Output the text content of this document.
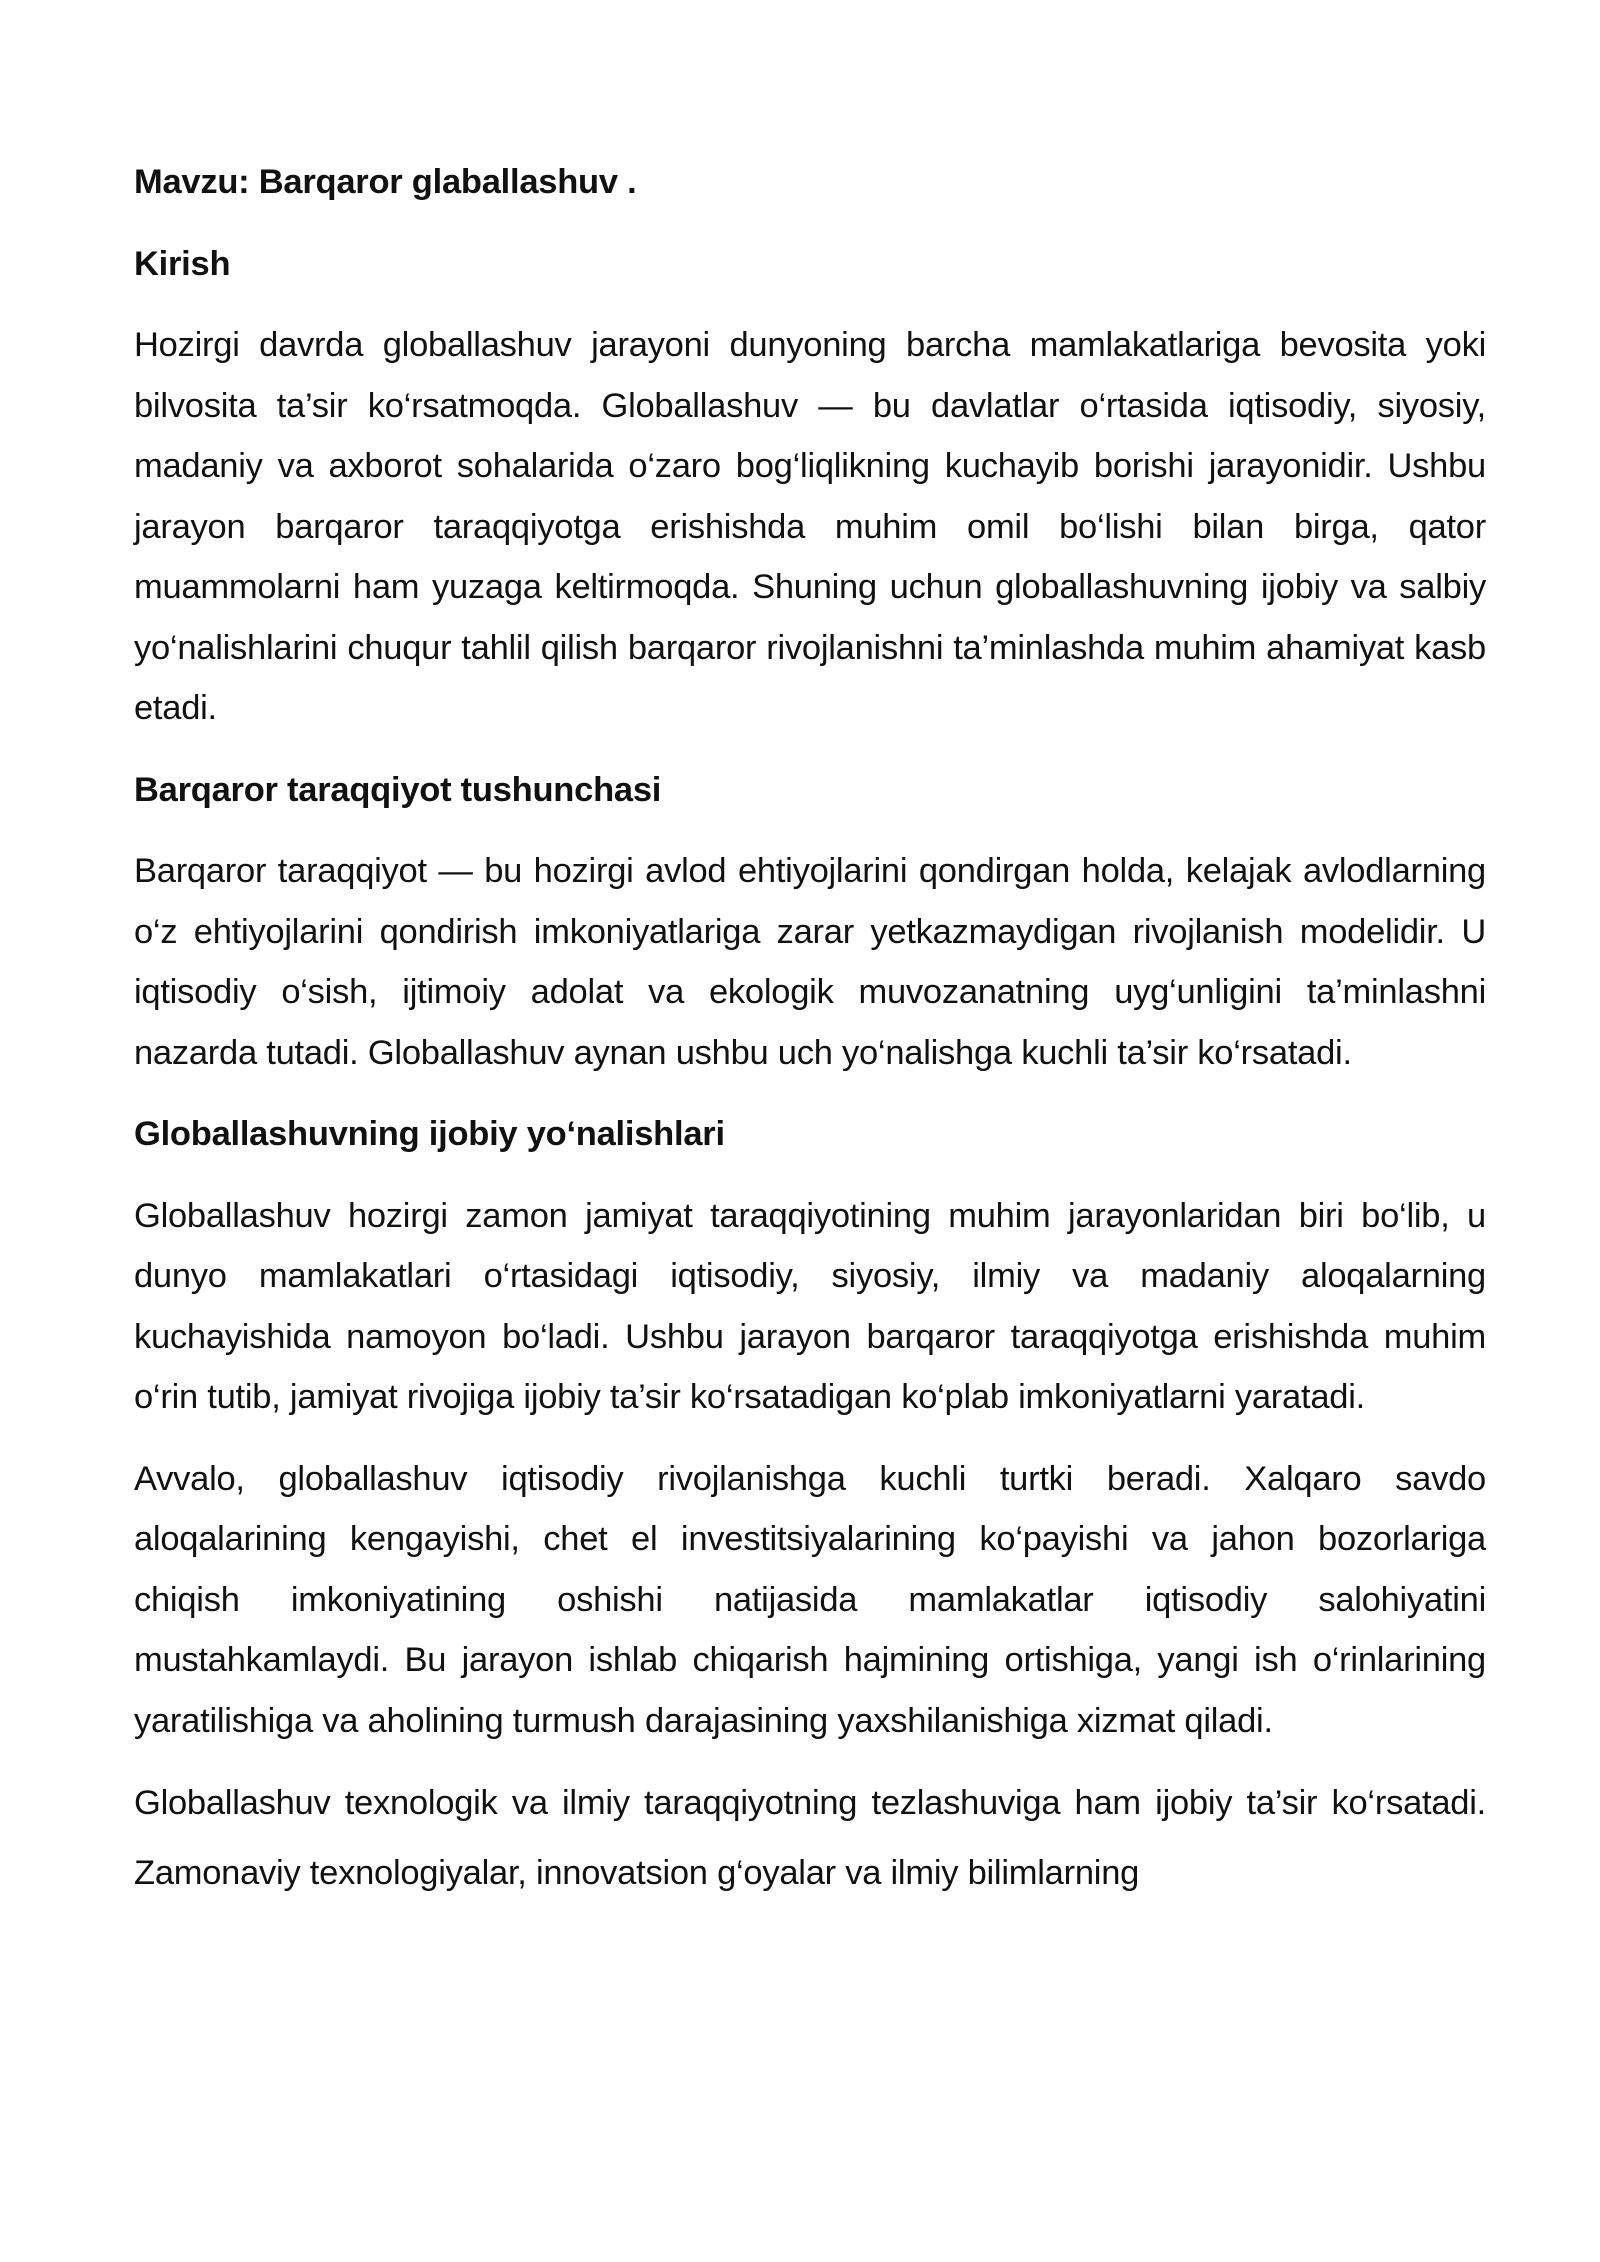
Mavzu: Barqaror glaballashuv .

Kirish

Hozirgi davrda globallashuv jarayoni dunyoning barcha mamlakatlariga bevosita yoki bilvosita ta’sir ko‘rsatmoqda. Globallashuv — bu davlatlar o‘rtasida iqtisodiy, siyosiy, madaniy va axborot sohalarida o‘zaro bog‘liqlikning kuchayib borishi jarayonidir. Ushbu jarayon barqaror taraqqiyotga erishishda muhim omil bo‘lishi bilan birga, qator muammolarni ham yuzaga keltirmoqda. Shuning uchun globallashuvning ijobiy va salbiy yo‘nalishlarini chuqur tahlil qilish barqaror rivojlanishni ta’minlashda muhim ahamiyat kasb etadi.

Barqaror taraqqiyot tushunchasi

Barqaror taraqqiyot — bu hozirgi avlod ehtiyojlarini qondirgan holda, kelajak avlodlarning o‘z ehtiyojlarini qondirish imkoniyatlariga zarar yetkazmaydigan rivojlanish modelidir. U iqtisodiy o‘sish, ijtimoiy adolat va ekologik muvozanatning uyg‘unligini ta’minlashni nazarda tutadi. Globallashuv aynan ushbu uch yo‘nalishga kuchli ta’sir ko‘rsatadi.

Globallashuvning ijobiy yo‘nalishlari

Globallashuv hozirgi zamon jamiyat taraqqiyotining muhim jarayonlaridan biri bo‘lib, u dunyo mamlakatlari o‘rtasidagi iqtisodiy, siyosiy, ilmiy va madaniy aloqalarning kuchayishida namoyon bo‘ladi. Ushbu jarayon barqaror taraqqiyotga erishishda muhim o‘rin tutib, jamiyat rivojiga ijobiy ta’sir ko‘rsatadigan ko‘plab imkoniyatlarni yaratadi.

Avvalo, globallashuv iqtisodiy rivojlanishga kuchli turtki beradi. Xalqaro savdo aloqalarining kengayishi, chet el investitsiyalarining ko‘payishi va jahon bozorlariga chiqish imkoniyatining oshishi natijasida mamlakatlar iqtisodiy salohiyatini mustahkamlaydi. Bu jarayon ishlab chiqarish hajmining ortishiga, yangi ish o‘rinlarining yaratilishiga va aholining turmush darajasining yaxshilanishiga xizmat qiladi.

Globallashuv texnologik va ilmiy taraqqiyotning tezlashuviga ham ijobiy ta’sir ko‘rsatadi. Zamonaviy texnologiyalar, innovatsion g‘oyalar va ilmiy bilimlarning
